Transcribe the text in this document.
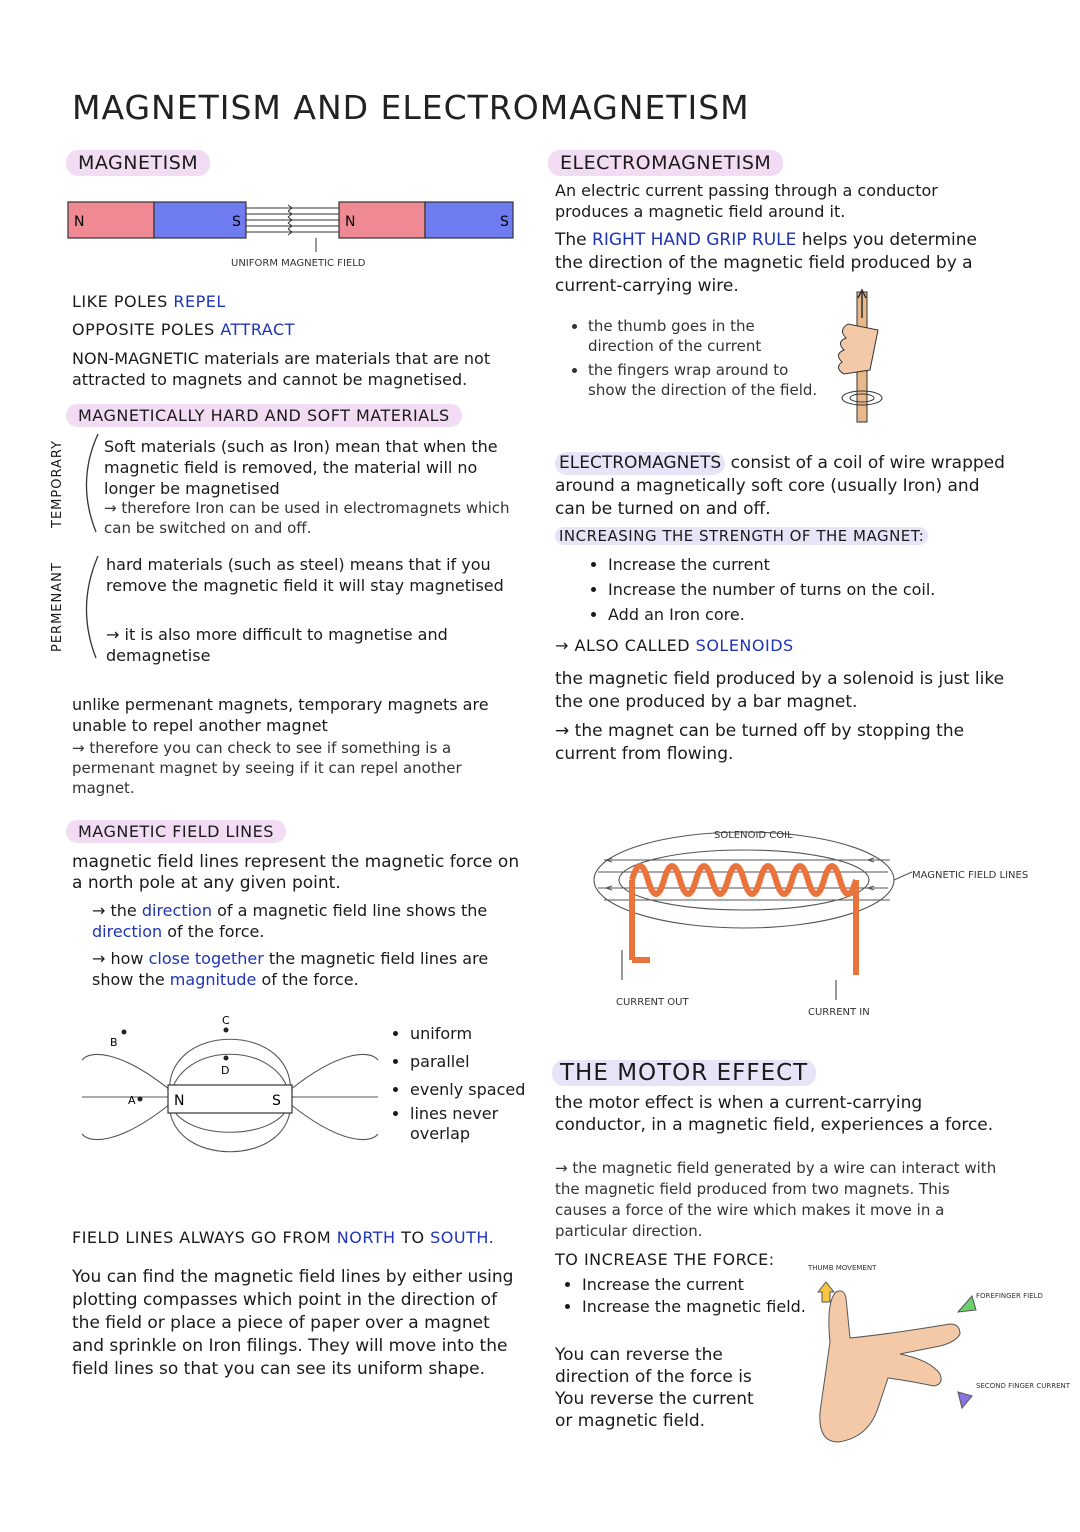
MAGNETISM AND ELECTROMAGNETISM
MAGNETISM
N	S	N	S
UNIFORM MAGNETIC FIELD
LIKE POLES REPEL
OPPOSITE POLES ATTRACT
NON-MAGNETIC materials are materials that are not attracted to magnets and cannot be magnetised.
MAGNETICALLY HARD AND SOFT MATERIALS
TEMPORARY
PERMENANT
Soft materials (such as Iron) mean that when the magnetic field is removed, the material will no longer be magnetised
→ therefore Iron can be used in electromagnets which can be switched on and off.
hard materials (such as steel) means that if you remove the magnetic field it will stay magnetised
→ it is also more difficult to magnetise and demagnetise
unlike permenant magnets, temporary magnets are unable to repel another magnet
→ therefore you can check to see if something is a permenant magnet by seeing if it can repel another magnet.
MAGNETIC FIELD LINES
magnetic field lines represent the magnetic force on a north pole at any given point.
→ the direction of a magnetic field line shows the direction of the force.
→ how close together the magnetic field lines are show the magnitude of the force.
A
B
C
D
N	S
• uniform
• parallel
• evenly spaced
• lines never overlap
FIELD LINES ALWAYS GO FROM NORTH TO SOUTH.
You can find the magnetic field lines by either using plotting compasses which point in the direction of the field or place a piece of paper over a magnet and sprinkle on Iron filings. They will move into the field lines so that you can see its uniform shape.
ELECTROMAGNETISM
An electric current passing through a conductor produces a magnetic field around it.
The RIGHT HAND GRIP RULE helps you determine the direction of the magnetic field produced by a current-carrying wire.
• the thumb goes in the direction of the current
• the fingers wrap around to show the direction of the field.
ELECTROMAGNETS consist of a coil of wire wrapped around a magnetically soft core (usually Iron) and can be turned on and off.
INCREASING THE STRENGTH OF THE MAGNET:
• Increase the current
• Increase the number of turns on the coil.
• Add an Iron core.
→ ALSO CALLED SOLENOIDS
the magnetic field produced by a solenoid is just like the one produced by a bar magnet.
→ the magnet can be turned off by stopping the current from flowing.
SOLENOID COIL
MAGNETIC FIELD LINES
CURRENT OUT
CURRENT IN
THE MOTOR EFFECT
the motor effect is when a current-carrying conductor, in a magnetic field, experiences a force.
→ the magnetic field generated by a wire can interact with the magnetic field produced from two magnets. This causes a force of the wire which makes it move in a particular direction.
TO INCREASE THE FORCE:
• Increase the current
• Increase the magnetic field.
You can reverse the direction of the force is You reverse the current or magnetic field.
THUMB MOVEMENT
FOREFINGER FIELD
SECOND FINGER CURRENT
